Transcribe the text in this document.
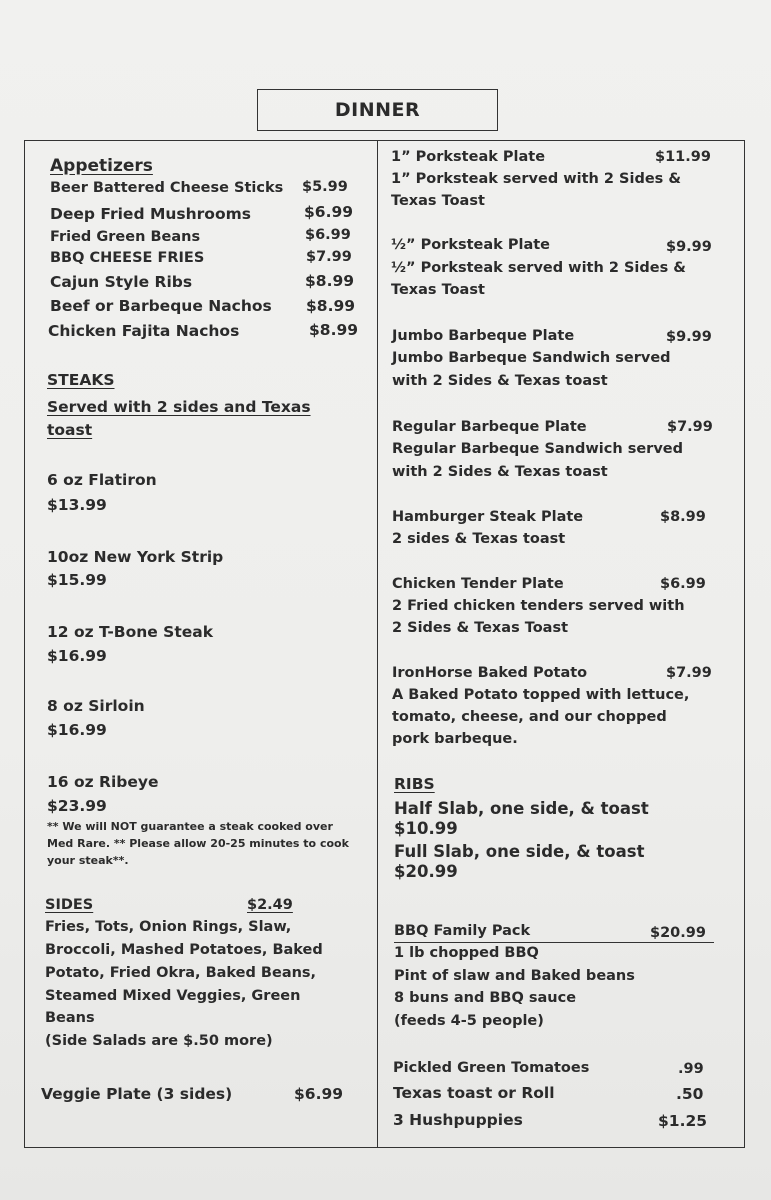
DINNER
Appetizers
Beer Battered Cheese Sticks $5.99
Deep Fried Mushrooms	$6.99
Fried Green Beans	$6.99
BBQ CHEESE FRIES	$7.99
Cajun Style Ribs	$8.99
Beef or Barbeque Nachos $8.99
Chicken Fajita Nachos	$8.99
STEAKS
Served with 2 sides and Texas
toast
6 oz Flatiron
$13.99
10oz New York Strip
$15.99
12 oz T-Bone Steak
$16.99
8 oz Sirloin
$16.99
16 oz Ribeye
$23.99
** We will NOT guarantee a steak cooked over Med Rare. ** Please allow 20-25 minutes to cook your steak**.
SIDES	$2.49
Fries, Tots, Onion Rings, Slaw,
Broccoli, Mashed Potatoes, Baked
Potato, Fried Okra, Baked Beans,
Steamed Mixed Veggies, Green
Beans
(Side Salads are $.50 more)
Veggie Plate (3 sides)	$6.99
1” Porksteak Plate	$11.99
1” Porksteak served with 2 Sides &
Texas Toast
½” Porksteak Plate	$9.99
½” Porksteak served with 2 Sides &
Texas Toast
Jumbo Barbeque Plate	$9.99
Jumbo Barbeque Sandwich served
with 2 Sides & Texas toast
Regular Barbeque Plate	$7.99
Regular Barbeque Sandwich served
with 2 Sides & Texas toast
Hamburger Steak Plate	$8.99
2 sides & Texas toast
Chicken Tender Plate	$6.99
2 Fried chicken tenders served with
2 Sides & Texas Toast
IronHorse Baked Potato	$7.99
A Baked Potato topped with lettuce,
tomato, cheese, and our chopped
pork barbeque.
RIBS
Half Slab, one side, & toast
$10.99
Full Slab, one side, & toast
$20.99
BBQ Family Pack	$20.99
1 lb chopped BBQ
Pint of slaw and Baked beans
8 buns and BBQ sauce
(feeds 4-5 people)
Pickled Green Tomatoes	.99
Texas toast or Roll	.50
3 Hushpuppies	$1.25
